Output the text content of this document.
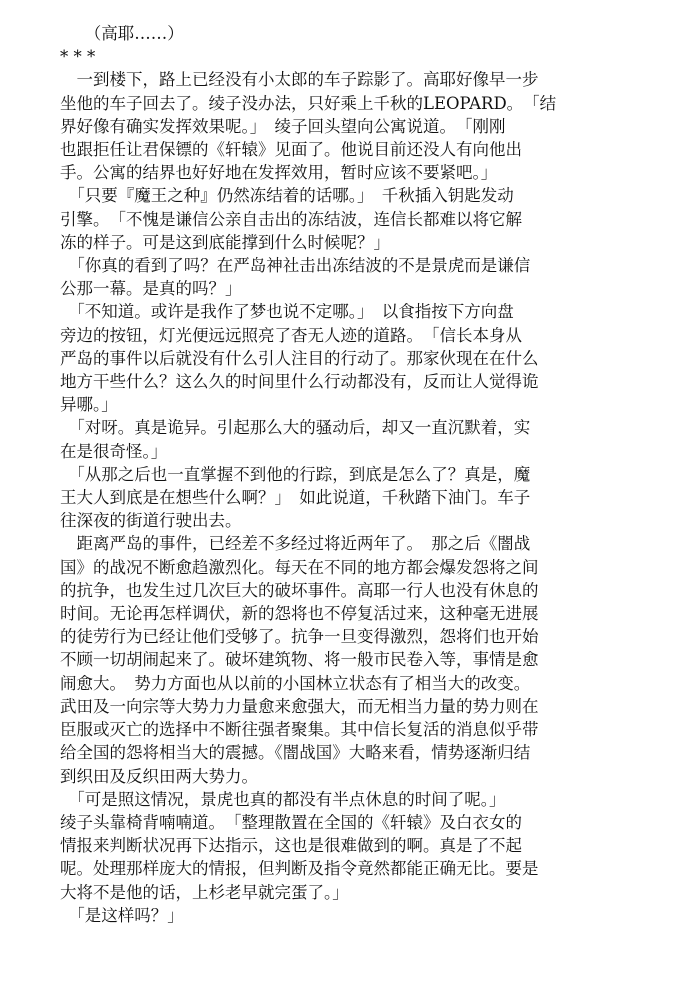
　　（高耶……）
* * *
　一到楼下，路上已经没有小太郎的车子踪影了。高耶好像早一步
坐他的车子回去了。绫子没办法，只好乘上千秋的LEOPARD。　「结
界好像有确实发挥效果呢。」　绫子回头望向公寓说道。　「刚刚
也跟拒任让君保镖的《轩辕》见面了。他说目前还没人有向他出
手。公寓的结界也好好地在发挥效用，暂时应该不要紧吧。」
　「只要『魔王之种』仍然冻结着的话哪。」　千秋插入钥匙发动
引擎。　「不愧是谦信公亲自击出的冻结波，连信长都难以将它解
冻的样子。可是这到底能撑到什么时候呢？」
　「你真的看到了吗？在严岛神社击出冻结波的不是景虎而是谦信
公那一幕。是真的吗？」
　「不知道。或许是我作了梦也说不定哪。」　以食指按下方向盘
旁边的按钮，灯光便远远照亮了杳无人迹的道路。　「信长本身从
严岛的事件以后就没有什么引人注目的行动了。那家伙现在在什么
地方干些什么？这么久的时间里什么行动都没有，反而让人觉得诡
异哪。」
　「对呀。真是诡异。引起那么大的骚动后，却又一直沉默着，实
在是很奇怪。」
　「从那之后也一直掌握不到他的行踪，到底是怎么了？真是，魔
王大人到底是在想些什么啊？」　如此说道，千秋踏下油门。车子
往深夜的街道行驶出去。
　距离严岛的事件，已经差不多经过将近两年了。　那之后《闇战
国》的战况不断愈趋激烈化。每天在不同的地方都会爆发怨将之间
的抗争，也发生过几次巨大的破坏事件。高耶一行人也没有休息的
时间。无论再怎样调伏，新的怨将也不停复活过来，这种毫无进展
的徒劳行为已经让他们受够了。抗争一旦变得激烈，怨将们也开始
不顾一切胡闹起来了。破坏建筑物、将一般市民卷入等，事情是愈
闹愈大。　势力方面也从以前的小国林立状态有了相当大的改变。
武田及一向宗等大势力力量愈来愈强大，而无相当力量的势力则在
臣服或灭亡的选择中不断往强者聚集。其中信长复活的消息似乎带
给全国的怨将相当大的震撼。《闇战国》大略来看，情势逐渐归结
到织田及反织田两大势力。
　「可是照这情况，景虎也真的都没有半点休息的时间了呢。」
绫子头靠椅背喃喃道。　「整理散置在全国的《轩辕》及白衣女的
情报来判断状况再下达指示，这也是很难做到的啊。真是了不起
呢。处理那样庞大的情报，但判断及指令竟然都能正确无比。要是
大将不是他的话，上杉老早就完蛋了。」
　「是这样吗？」
